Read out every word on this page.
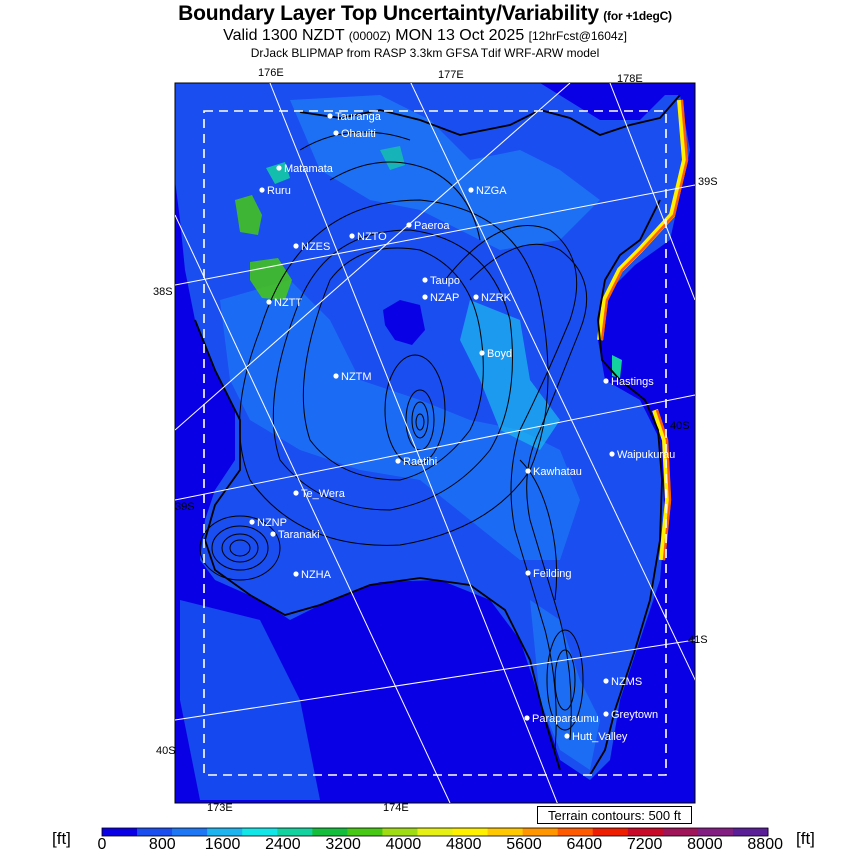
Boundary Layer Top Uncertainty/Variability (for +1degC)
Valid 1300 NZDT (0000Z) MON 13 Oct 2025 [12hrFcst@1604z]
DrJack BLIPMAP from RASP 3.3km GFSA Tdif WRF-ARW model
176E	177E	178E
173E	174E
39S
40S
41S
38S
39S
40S
Tauranga
Ohauiti
Matamata
Ruru	NZGA
Paeroa
NZTO
NZES
Taupo
NZAP NZRK
NZTT
Boyd
Hastings
NZTM
Waipukurau
Raetihi
Kawhatau
Te_Wera
NZNP
Taranaki
NZHA	Feilding
NZMS
Greytown
Paraparaumu
Hutt_Valley
Terrain contours: 500 ft
[ft]	[ft]
0	800 1600 2400 3200 4000 4800 5600 6400 7200 8000 8800
